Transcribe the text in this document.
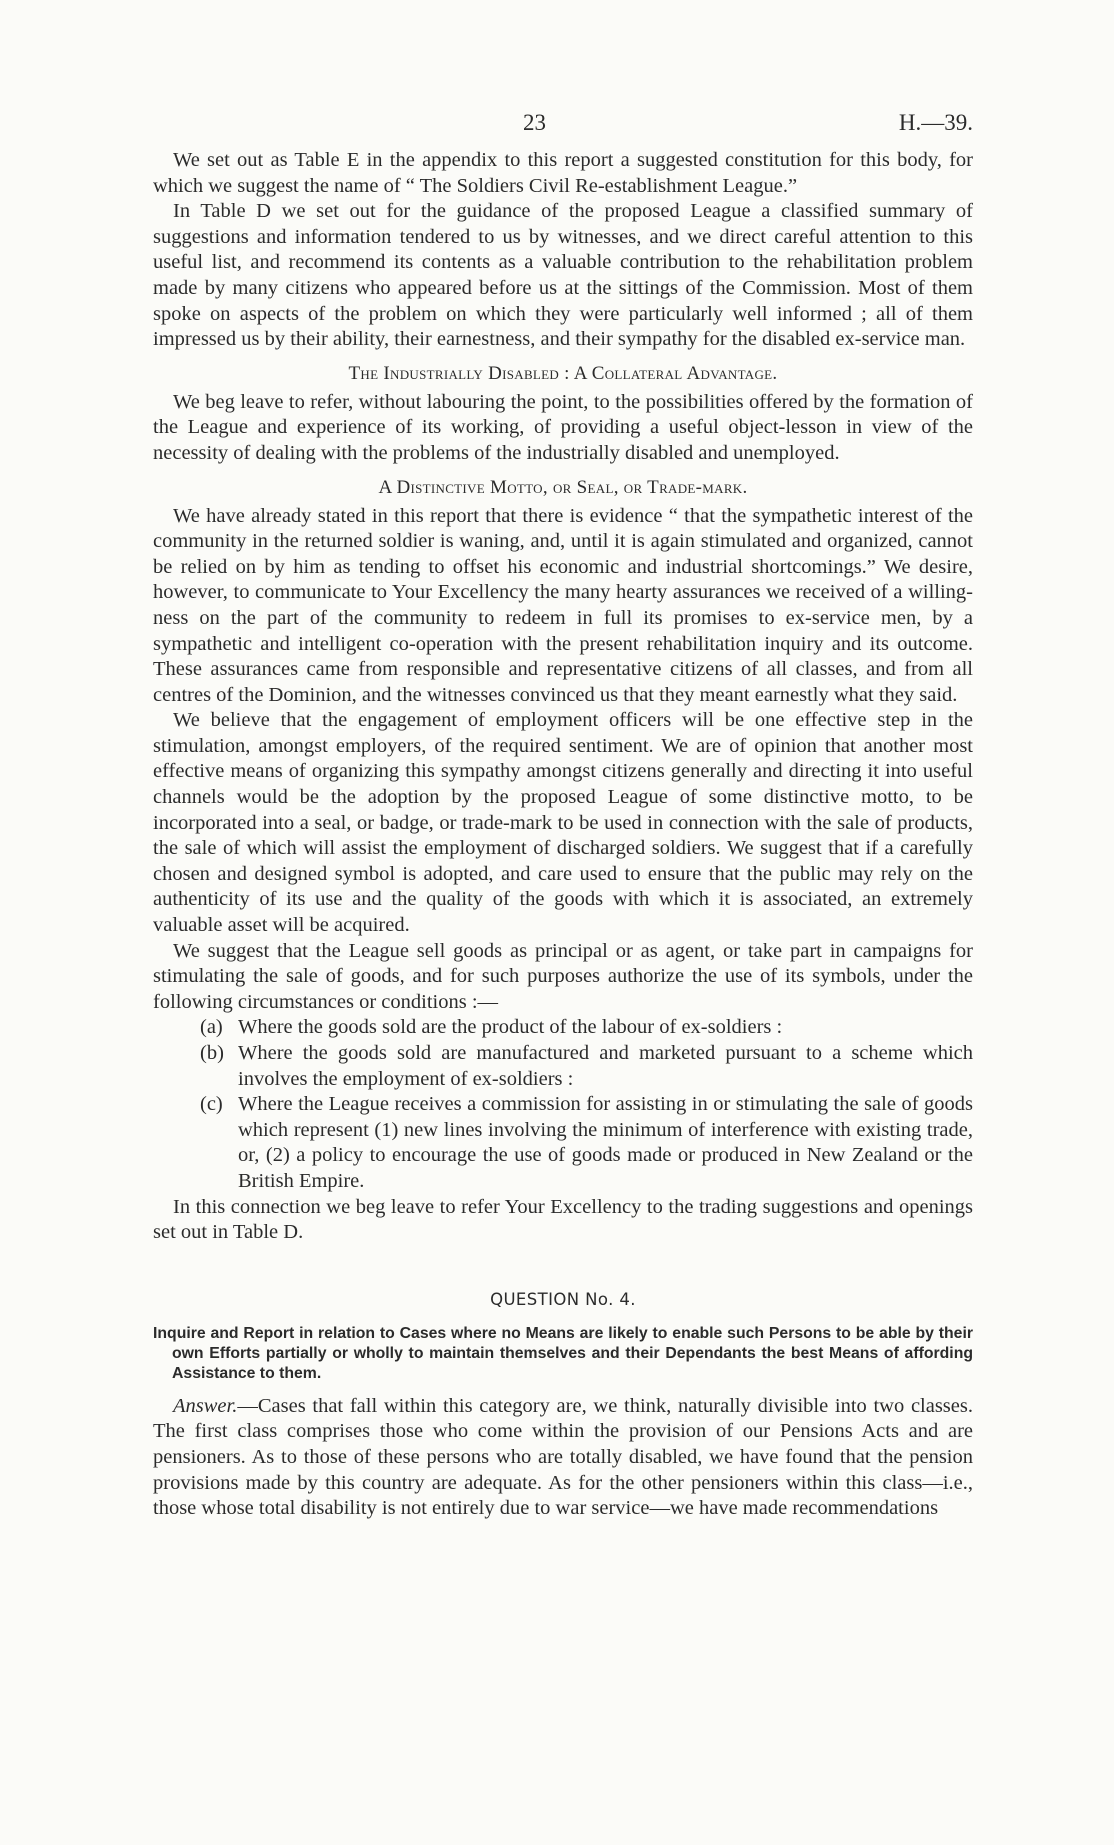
23	H.—39.

We set out as Table E in the appendix to this report a suggested constitution for this body, for which we suggest the name of “ The Soldiers Civil Re-establishment League.”

In Table D we set out for the guidance of the proposed League a classified summary of suggestions and information tendered to us by witnesses, and we direct careful attention to this useful list, and recommend its contents as a valuable contribution to the rehabilitation problem made by many citizens who appeared before us at the sittings of the Commission. Most of them spoke on aspects of the problem on which they were particularly well informed ; all of them impressed us by their ability, their earnestness, and their sympathy for the disabled ex-service man.

The Industrially Disabled : A Collateral Advantage.

We beg leave to refer, without labouring the point, to the possibilities offered by the formation of the League and experience of its working, of providing a useful object-lesson in view of the necessity of dealing with the problems of the industrially disabled and unemployed.

A Distinctive Motto, or Seal, or Trade-mark.

We have already stated in this report that there is evidence “ that the sympathetic interest of the community in the returned soldier is waning, and, until it is again stimulated and organized, cannot be relied on by him as tending to offset his economic and industrial shortcomings.” We desire, however, to communicate to Your Excellency the many hearty assurances we received of a willingness on the part of the community to redeem in full its promises to ex-service men, by a sympathetic and intelligent co-operation with the present rehabilitation inquiry and its outcome. These assurances came from responsible and representative citizens of all classes, and from all centres of the Dominion, and the witnesses convinced us that they meant earnestly what they said.

We believe that the engagement of employment officers will be one effective step in the stimulation, amongst employers, of the required sentiment. We are of opinion that another most effective means of organizing this sympathy amongst citizens generally and directing it into useful channels would be the adoption by the proposed League of some distinctive motto, to be incorporated into a seal, or badge, or trade-mark to be used in connection with the sale of products, the sale of which will assist the employment of discharged soldiers. We suggest that if a carefully chosen and designed symbol is adopted, and care used to ensure that the public may rely on the authenticity of its use and the quality of the goods with which it is associated, an extremely valuable asset will be acquired.

We suggest that the League sell goods as principal or as agent, or take part in campaigns for stimulating the sale of goods, and for such purposes authorize the use of its symbols, under the following circumstances or conditions :—

(a) Where the goods sold are the product of the labour of ex-soldiers :
(b) Where the goods sold are manufactured and marketed pursuant to a scheme which involves the employment of ex-soldiers :
(c) Where the League receives a commission for assisting in or stimulating the sale of goods which represent (1) new lines involving the minimum of interference with existing trade, or, (2) a policy to encourage the use of goods made or produced in New Zealand or the British Empire.

In this connection we beg leave to refer Your Excellency to the trading suggestions and openings set out in Table D.

QUESTION No. 4.
Inquire and Report in relation to Cases where no Means are likely to enable such Persons to be able by their own Efforts partially or wholly to maintain themselves and their Dependants the best Means of affording Assistance to them.

Answer.—Cases that fall within this category are, we think, naturally divisible into two classes. The first class comprises those who come within the provision of our Pensions Acts and are pensioners. As to those of these persons who are totally disabled, we have found that the pension provisions made by this country are adequate. As for the other pensioners within this class—i.e., those whose total disability is not entirely due to war service—we have made recommendations
